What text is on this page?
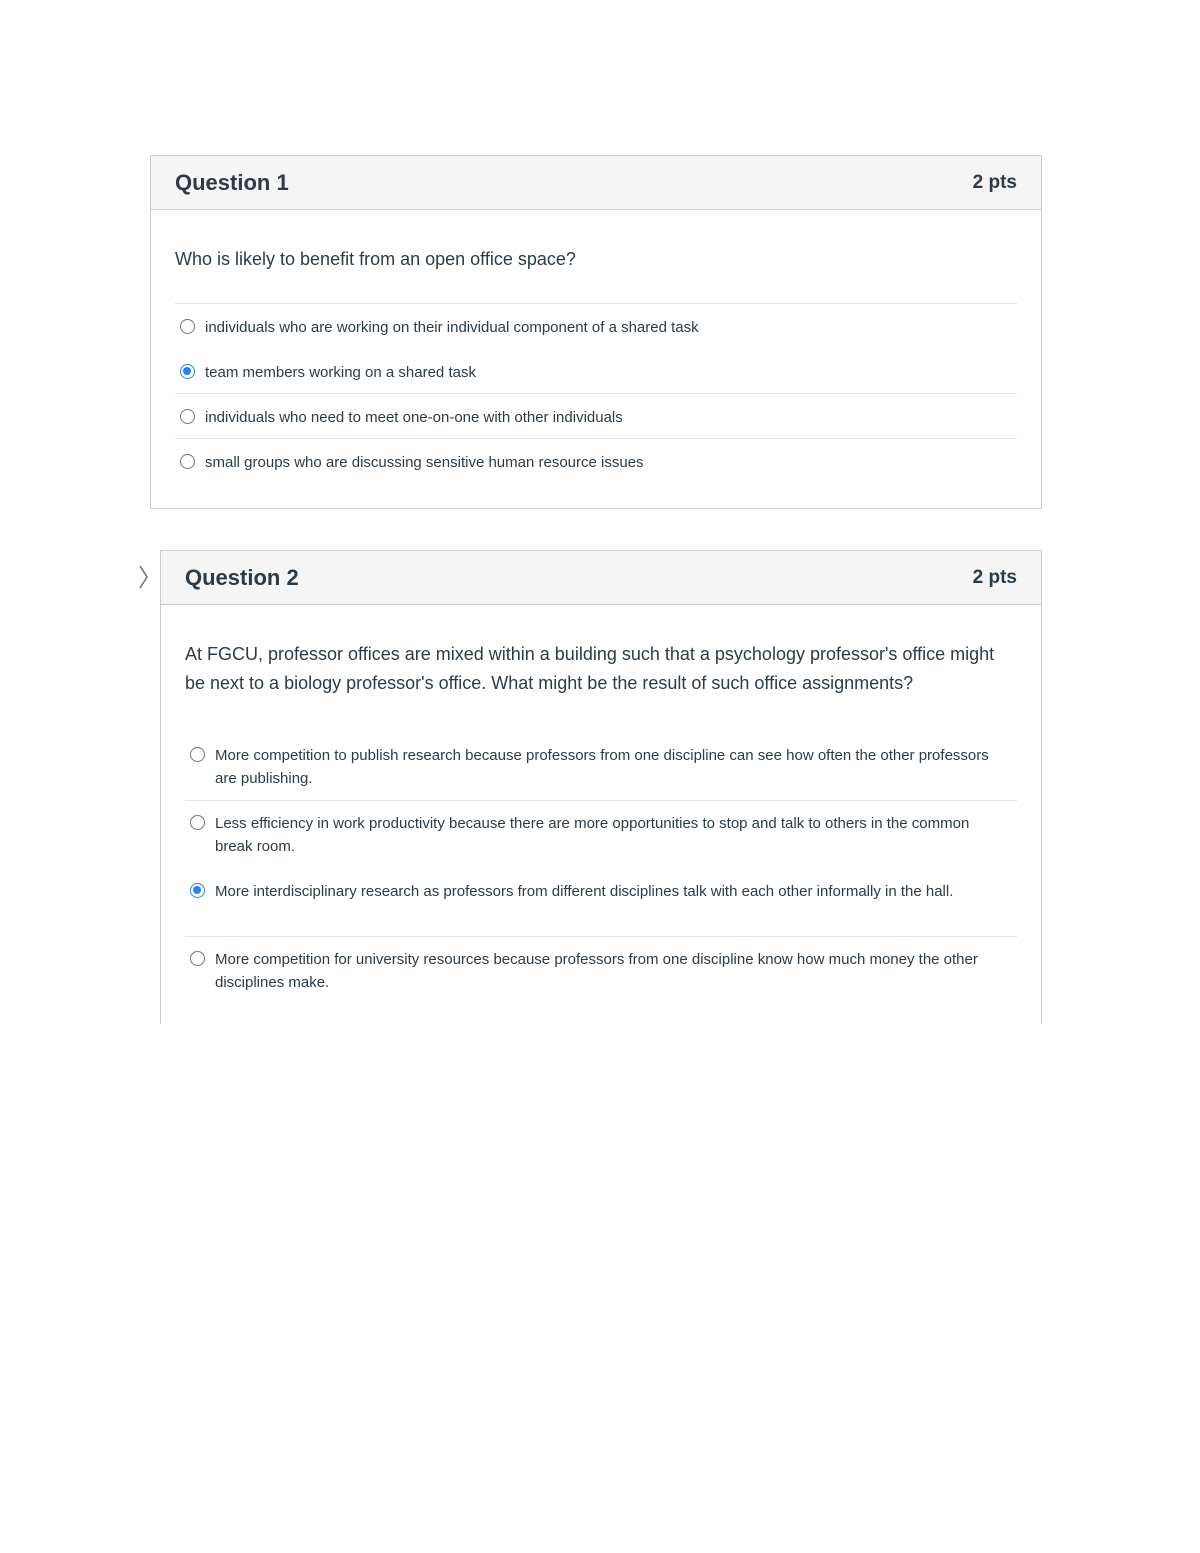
Question 1	2 pts
Who is likely to benefit from an open office space?
individuals who are working on their individual component of a shared task
team members working on a shared task
individuals who need to meet one-on-one with other individuals
small groups who are discussing sensitive human resource issues
Question 2	2 pts
At FGCU, professor offices are mixed within a building such that a psychology professor's office might be next to a biology professor's office. What might be the result of such office assignments?
More competition to publish research because professors from one discipline can see how often the other professors are publishing.
Less efficiency in work productivity because there are more opportunities to stop and talk to others in the common break room.
More interdisciplinary research as professors from different disciplines talk with each other informally in the hall.
More competition for university resources because professors from one discipline know how much money the other disciplines make.
